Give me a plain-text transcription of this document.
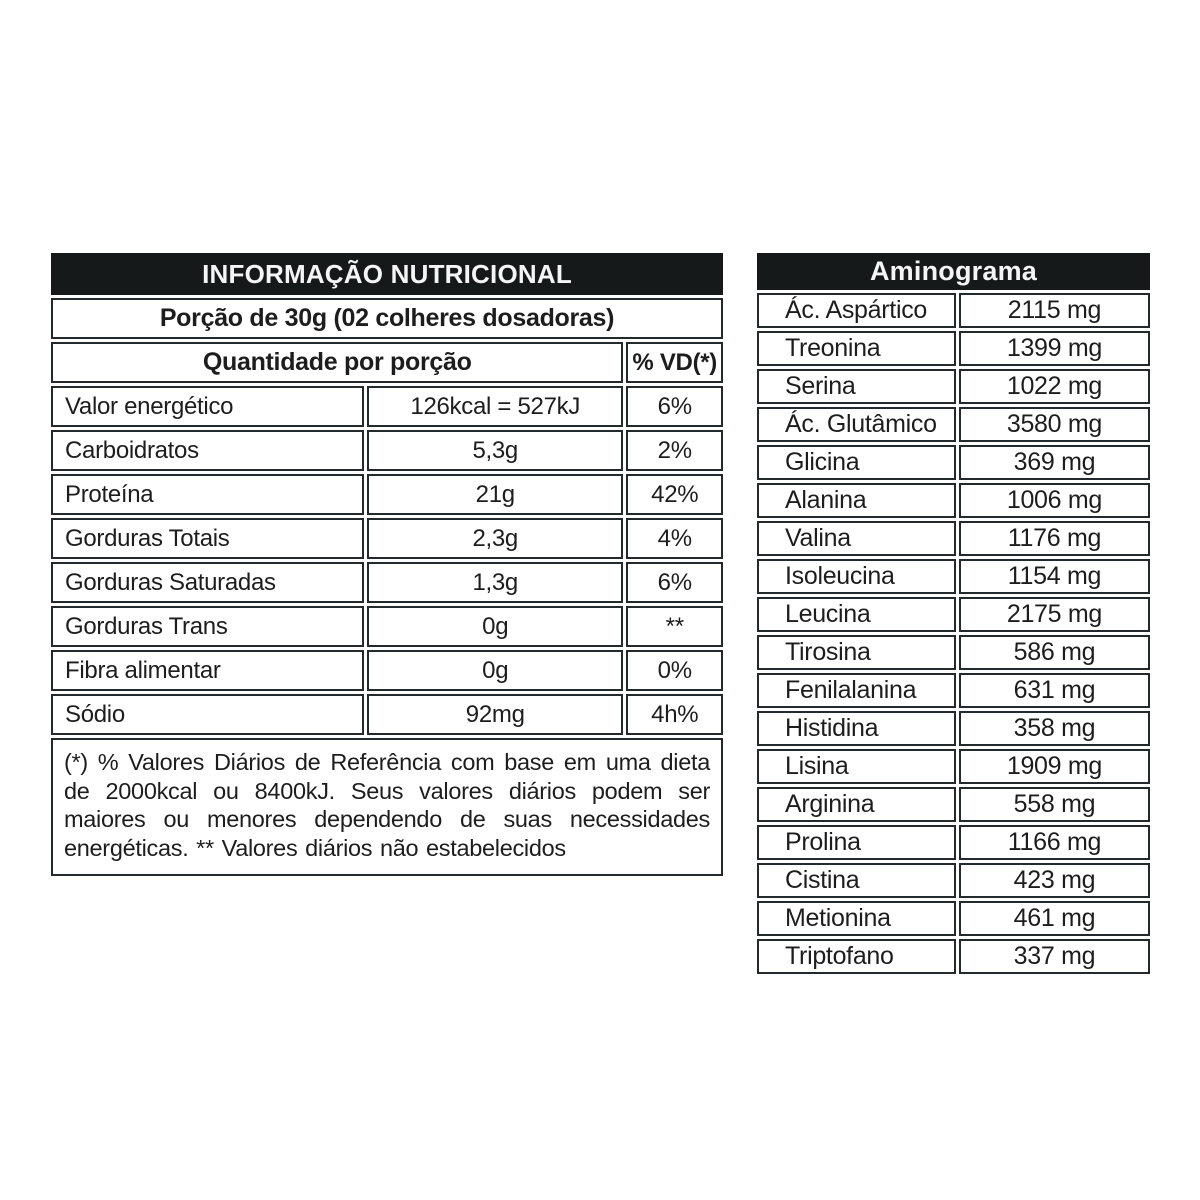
INFORMAÇÃO NUTRICIONAL		
Porção de 30g (02 colheres dosadoras)		
Quantidade por porção		% VD(*)
Valor energético	126kcal = 527kJ	6%
Carboidratos	5,3g	2%
Proteína	21g	42%
Gorduras Totais	2,3g	4%
Gorduras Saturadas	1,3g	6%
Gorduras Trans	0g	**
Fibra alimentar	0g	0%
Sódio	92mg	4h%
(*) % Valores Diários de Referência com base em uma dieta de 2000kcal ou 8400kJ. Seus valores diários podem ser maiores ou menores dependendo de suas necessidades energéticas. ** Valores diários não estabelecidos		
Aminograma	
Ác. Aspártico	2115 mg
Treonina	1399 mg
Serina	1022 mg
Ác. Glutâmico	3580 mg
Glicina	369 mg
Alanina	1006 mg
Valina	1176 mg
Isoleucina	1154 mg
Leucina	2175 mg
Tirosina	586 mg
Fenilalanina	631 mg
Histidina	358 mg
Lisina	1909 mg
Arginina	558 mg
Prolina	1166 mg
Cistina	423 mg
Metionina	461 mg
Triptofano	337 mg
